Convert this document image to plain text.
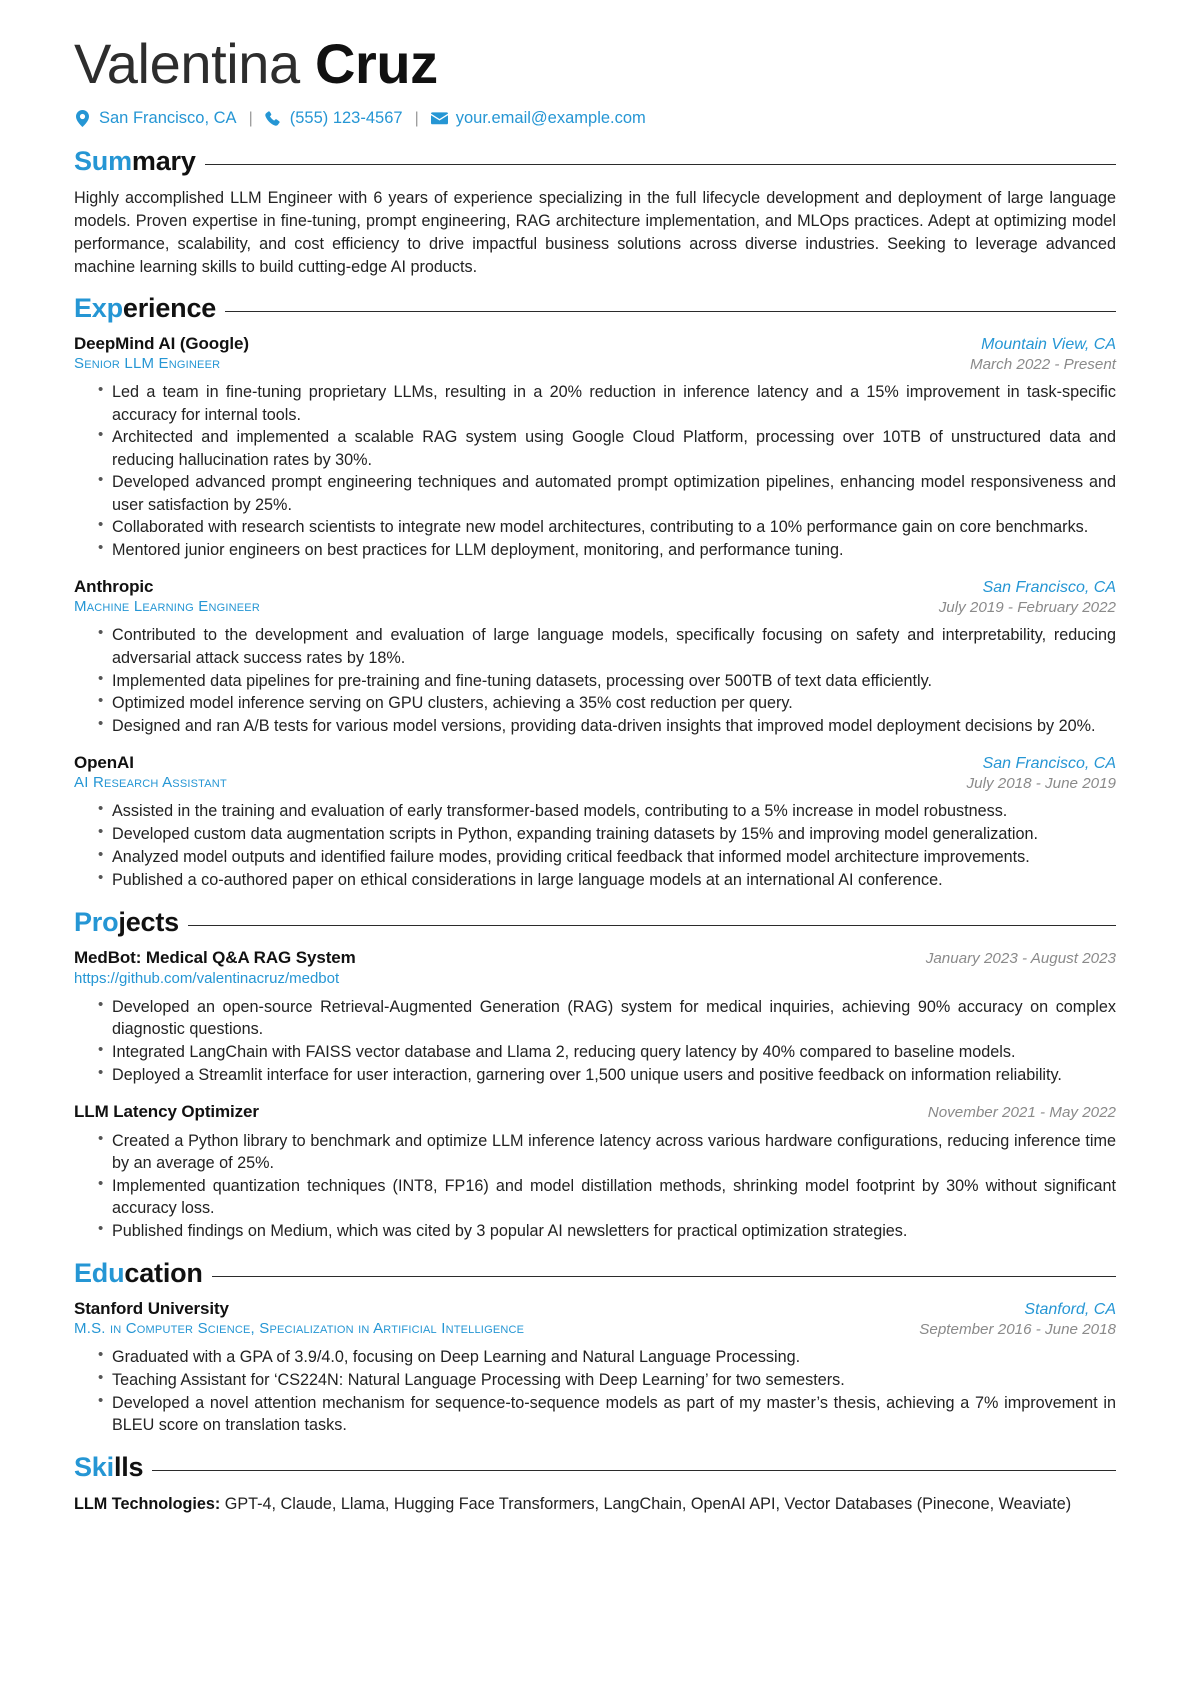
Valentina Cruz
San Francisco, CA | (555) 123-4567 | your.email@example.com
Summary

Highly accomplished LLM Engineer with 6 years of experience specializing in the full lifecycle development and deployment of large language models. Proven expertise in fine-tuning, prompt engineering, RAG architecture implementation, and MLOps practices. Adept at optimizing model performance, scalability, and cost efficiency to drive impactful business solutions across diverse industries. Seeking to leverage advanced machine learning skills to build cutting-edge AI products.

Experience
DeepMind AI (Google)
Senior LLM Engineer
Mountain View, CA
March 2022 - Present
• Led a team in fine-tuning proprietary LLMs, resulting in a 20% reduction in inference latency and a 15% improvement in task-specific accuracy for internal tools.
• Architected and implemented a scalable RAG system using Google Cloud Platform, processing over 10TB of unstructured data and reducing hallucination rates by 30%.
• Developed advanced prompt engineering techniques and automated prompt optimization pipelines, enhancing model responsiveness and user satisfaction by 25%.
• Collaborated with research scientists to integrate new model architectures, contributing to a 10% performance gain on core benchmarks.
• Mentored junior engineers on best practices for LLM deployment, monitoring, and performance tuning.
Anthropic
Machine Learning Engineer
San Francisco, CA
July 2019 - February 2022
• Contributed to the development and evaluation of large language models, specifically focusing on safety and interpretability, reducing adversarial attack success rates by 18%.
• Implemented data pipelines for pre-training and fine-tuning datasets, processing over 500TB of text data efficiently.
• Optimized model inference serving on GPU clusters, achieving a 35% cost reduction per query.
• Designed and ran A/B tests for various model versions, providing data-driven insights that improved model deployment decisions by 20%.
OpenAI
AI Research Assistant
San Francisco, CA
July 2018 - June 2019
• Assisted in the training and evaluation of early transformer-based models, contributing to a 5% increase in model robustness.
• Developed custom data augmentation scripts in Python, expanding training datasets by 15% and improving model generalization.
• Analyzed model outputs and identified failure modes, providing critical feedback that informed model architecture improvements.
• Published a co-authored paper on ethical considerations in large language models at an international AI conference.
Projects
MedBot: Medical Q&A RAG System
https://github.com/valentinacruz/medbot
January 2023 - August 2023
• Developed an open-source Retrieval-Augmented Generation (RAG) system for medical inquiries, achieving 90% accuracy on complex diagnostic questions.
• Integrated LangChain with FAISS vector database and Llama 2, reducing query latency by 40% compared to baseline models.
• Deployed a Streamlit interface for user interaction, garnering over 1,500 unique users and positive feedback on information reliability.
LLM Latency Optimizer	November 2021 - May 2022
• Created a Python library to benchmark and optimize LLM inference latency across various hardware configurations, reducing inference time by an average of 25%.
• Implemented quantization techniques (INT8, FP16) and model distillation methods, shrinking model footprint by 30% without significant accuracy loss.
• Published findings on Medium, which was cited by 3 popular AI newsletters for practical optimization strategies.
Education
Stanford University
M.S. in Computer Science, Specialization in Artificial Intelligence
Stanford, CA
September 2016 - June 2018
• Graduated with a GPA of 3.9/4.0, focusing on Deep Learning and Natural Language Processing.
• Teaching Assistant for ‘CS224N: Natural Language Processing with Deep Learning’ for two semesters.
• Developed a novel attention mechanism for sequence-to-sequence models as part of my master’s thesis, achieving a 7% improvement in BLEU score on translation tasks.
Skills

LLM Technologies: GPT-4, Claude, Llama, Hugging Face Transformers, LangChain, OpenAI API, Vector Databases (Pinecone, Weaviate)
